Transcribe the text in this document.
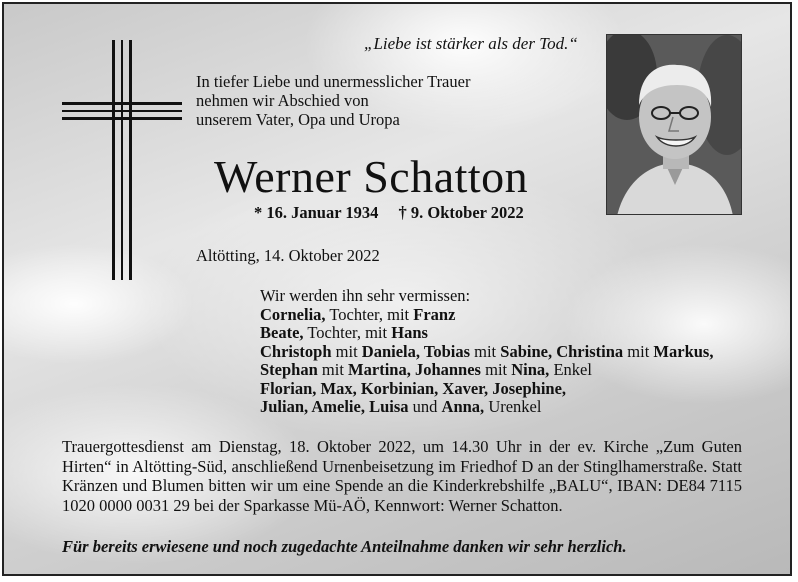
„Liebe ist stärker als der Tod.“
In tiefer Liebe und unermesslicher Trauer
nehmen wir Abschied von
unserem Vater, Opa und Uropa
Werner Schatton
* 16. Januar 1934 † 9. Oktober 2022
Altötting, 14. Oktober 2022
Wir werden ihn sehr vermissen:
Cornelia, Tochter, mit Franz
Beate, Tochter, mit Hans
Christoph mit Daniela, Tobias mit Sabine, Christina mit Markus,
Stephan mit Martina, Johannes mit Nina, Enkel
Florian, Max, Korbinian, Xaver, Josephine,
Julian, Amelie, Luisa und Anna, Urenkel
Trauergottesdienst am Dienstag, 18. Oktober 2022, um 14.30 Uhr in der ev. Kirche „Zum Guten Hirten“ in Altötting-Süd, anschließend Urnenbeisetzung im Friedhof D an der Stinglhamerstraße. Statt Kränzen und Blumen bitten wir um eine Spende an die Kinderkrebshilfe „BALU“, IBAN: DE84 7115 1020 0000 0031 29 bei der Sparkasse Mü-AÖ, Kennwort: Werner Schatton.
Für bereits erwiesene und noch zugedachte Anteilnahme danken wir sehr herzlich.
